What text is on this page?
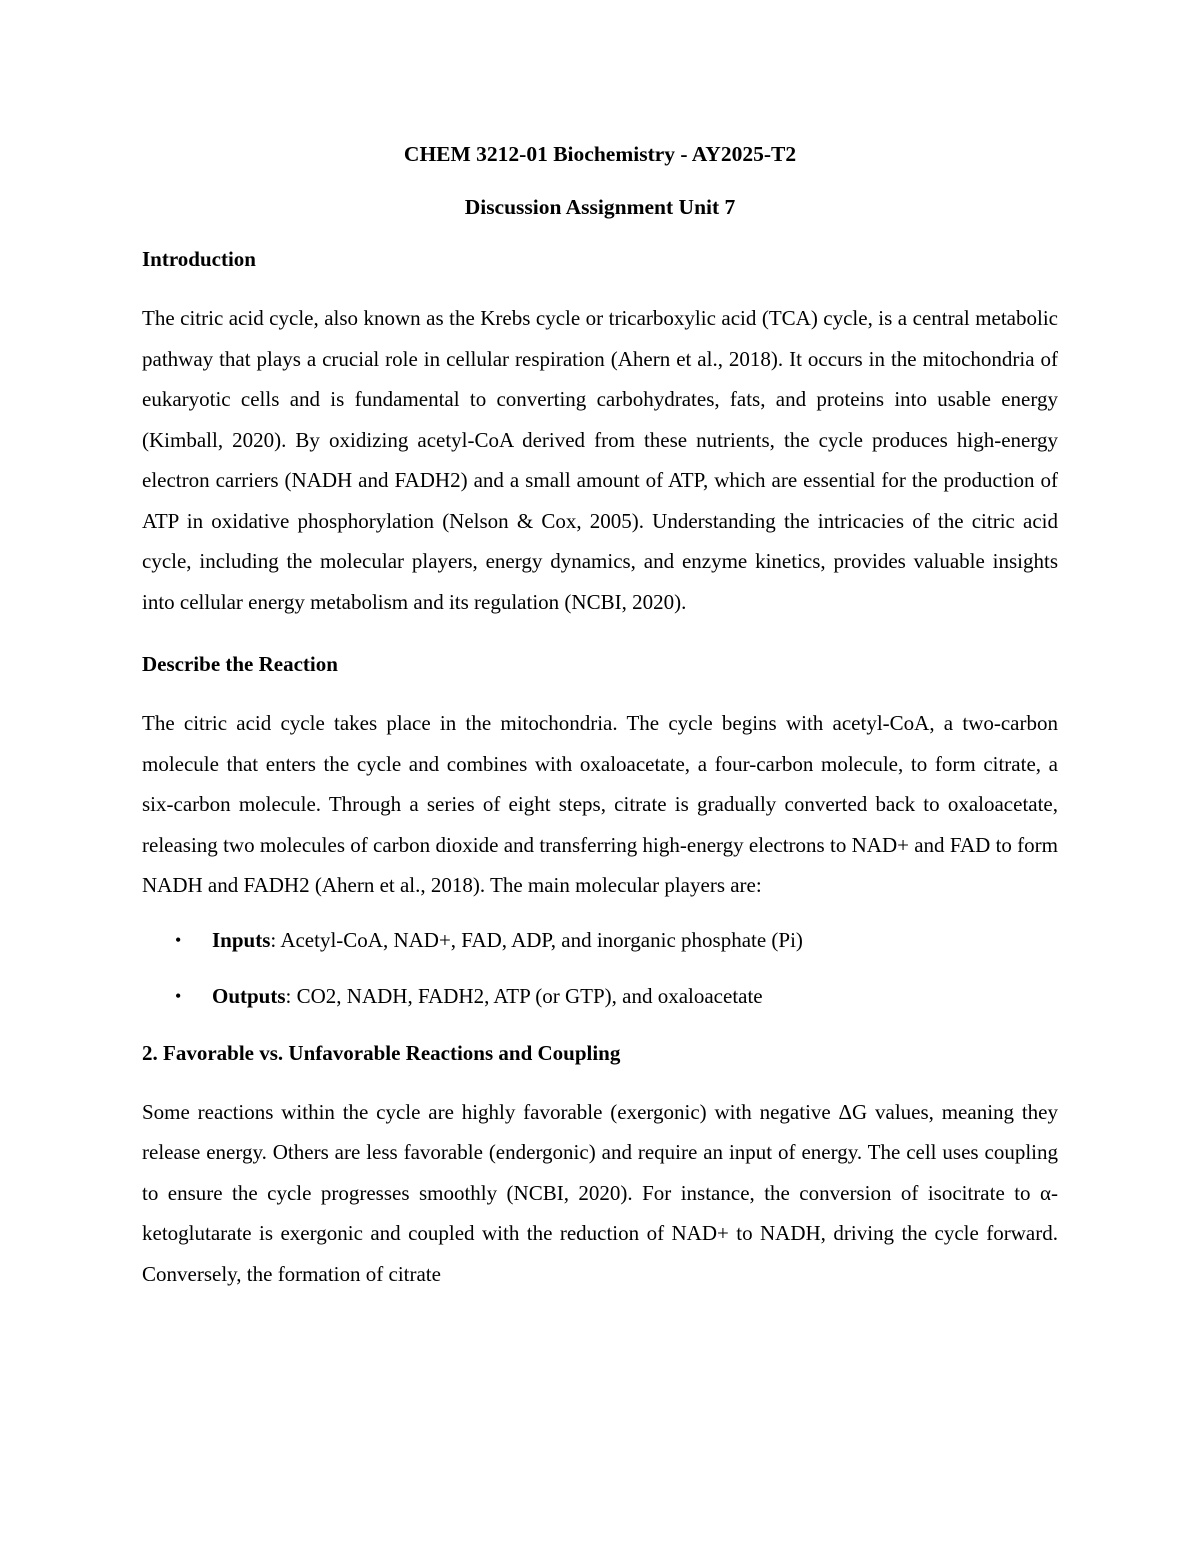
CHEM 3212-01 Biochemistry - AY2025-T2

Discussion Assignment Unit 7

Introduction

The citric acid cycle, also known as the Krebs cycle or tricarboxylic acid (TCA) cycle, is a central metabolic pathway that plays a crucial role in cellular respiration (Ahern et al., 2018). It occurs in the mitochondria of eukaryotic cells and is fundamental to converting carbohydrates, fats, and proteins into usable energy (Kimball, 2020). By oxidizing acetyl-CoA derived from these nutrients, the cycle produces high-energy electron carriers (NADH and FADH2) and a small amount of ATP, which are essential for the production of ATP in oxidative phosphorylation (Nelson & Cox, 2005). Understanding the intricacies of the citric acid cycle, including the molecular players, energy dynamics, and enzyme kinetics, provides valuable insights into cellular energy metabolism and its regulation (NCBI, 2020).

Describe the Reaction

The citric acid cycle takes place in the mitochondria. The cycle begins with acetyl-CoA, a two-carbon molecule that enters the cycle and combines with oxaloacetate, a four-carbon molecule, to form citrate, a six-carbon molecule. Through a series of eight steps, citrate is gradually converted back to oxaloacetate, releasing two molecules of carbon dioxide and transferring high-energy electrons to NAD+ and FAD to form NADH and FADH2 (Ahern et al., 2018). The main molecular players are:

• Inputs: Acetyl-CoA, NAD+, FAD, ADP, and inorganic phosphate (Pi)
• Outputs: CO2, NADH, FADH2, ATP (or GTP), and oxaloacetate

2. Favorable vs. Unfavorable Reactions and Coupling

Some reactions within the cycle are highly favorable (exergonic) with negative ΔG values, meaning they release energy. Others are less favorable (endergonic) and require an input of energy. The cell uses coupling to ensure the cycle progresses smoothly (NCBI, 2020). For instance, the conversion of isocitrate to α-ketoglutarate is exergonic and coupled with the reduction of NAD+ to NADH, driving the cycle forward. Conversely, the formation of citrate
